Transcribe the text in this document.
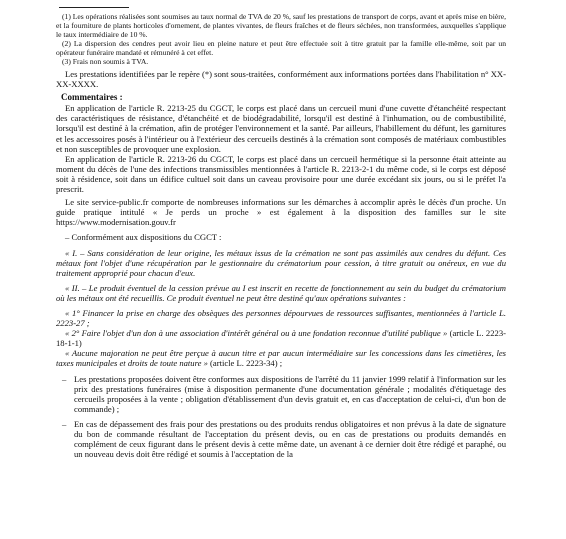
(1) Les opérations réalisées sont soumises au taux normal de TVA de 20 %, sauf les prestations de transport de corps, avant et après mise en bière, et la fourniture de plants horticoles d'ornement, de plantes vivantes, de fleurs fraîches et de fleurs séchées, non transformées, auxquelles s'applique le taux intermédiaire de 10 %.

(2) La dispersion des cendres peut avoir lieu en pleine nature et peut être effectuée soit à titre gratuit par la famille elle-même, soit par un opérateur funéraire mandaté et rémunéré à cet effet.

(3) Frais non soumis à TVA.

Les prestations identifiées par le repère (*) sont sous-traitées, conformément aux informations portées dans l'habilitation n° XX-XX-XXXX.

Commentaires :

En application de l'article R. 2213-25 du CGCT, le corps est placé dans un cercueil muni d'une cuvette d'étanchéité respectant des caractéristiques de résistance, d'étanchéité et de biodégradabilité, lorsqu'il est destiné à l'inhumation, ou de combustibilité, lorsqu'il est destiné à la crémation, afin de protéger l'environnement et la santé. Par ailleurs, l'habillement du défunt, les garnitures et les accessoires posés à l'intérieur ou à l'extérieur des cercueils destinés à la crémation sont composés de matériaux combustibles et non susceptibles de provoquer une explosion.

En application de l'article R. 2213-26 du CGCT, le corps est placé dans un cercueil hermétique si la personne était atteinte au moment du décès de l'une des infections transmissibles mentionnées à l'article R. 2213-2-1 du même code, si le corps est déposé soit à résidence, soit dans un édifice cultuel soit dans un caveau provisoire pour une durée excédant six jours, ou si le préfet l'a prescrit.

Le site service-public.fr comporte de nombreuses informations sur les démarches à accomplir après le décès d'un proche. Un guide pratique intitulé « Je perds un proche » est également à la disposition des familles sur le site https://www.modernisation.gouv.fr

– Conformément aux dispositions du CGCT :

« I. – Sans considération de leur origine, les métaux issus de la crémation ne sont pas assimilés aux cendres du défunt. Ces métaux font l'objet d'une récupération par le gestionnaire du crématorium pour cession, à titre gratuit ou onéreux, en vue du traitement approprié pour chacun d'eux.

« II. – Le produit éventuel de la cession prévue au I est inscrit en recette de fonctionnement au sein du budget du crématorium où les métaux ont été recueillis. Ce produit éventuel ne peut être destiné qu'aux opérations suivantes :

« 1° Financer la prise en charge des obsèques des personnes dépourvues de ressources suffisantes, mentionnées à l'article L. 2223-27 ;

« 2° Faire l'objet d'un don à une association d'intérêt général ou à une fondation reconnue d'utilité publique » (article L. 2223-18-1-1)

« Aucune majoration ne peut être perçue à aucun titre et par aucun intermédiaire sur les concessions dans les cimetières, les taxes municipales et droits de toute nature » (article L. 2223-34) ;

– Les prestations proposées doivent être conformes aux dispositions de l'arrêté du 11 janvier 1999 relatif à l'information sur les prix des prestations funéraires (mise à disposition permanente d'une documentation générale ; modalités d'étiquetage des cercueils proposées à la vente ; obligation d'établissement d'un devis gratuit et, en cas d'acceptation de celui-ci, d'un bon de commande) ;
– En cas de dépassement des frais pour des prestations ou des produits rendus obligatoires et non prévus à la date de signature du bon de commande résultant de l'acceptation du présent devis, ou en cas de prestations ou produits demandés en complément de ceux figurant dans le présent devis à cette même date, un avenant à ce dernier doit être rédigé et paraphé, ou un nouveau devis doit être rédigé et soumis à l'acceptation de la
